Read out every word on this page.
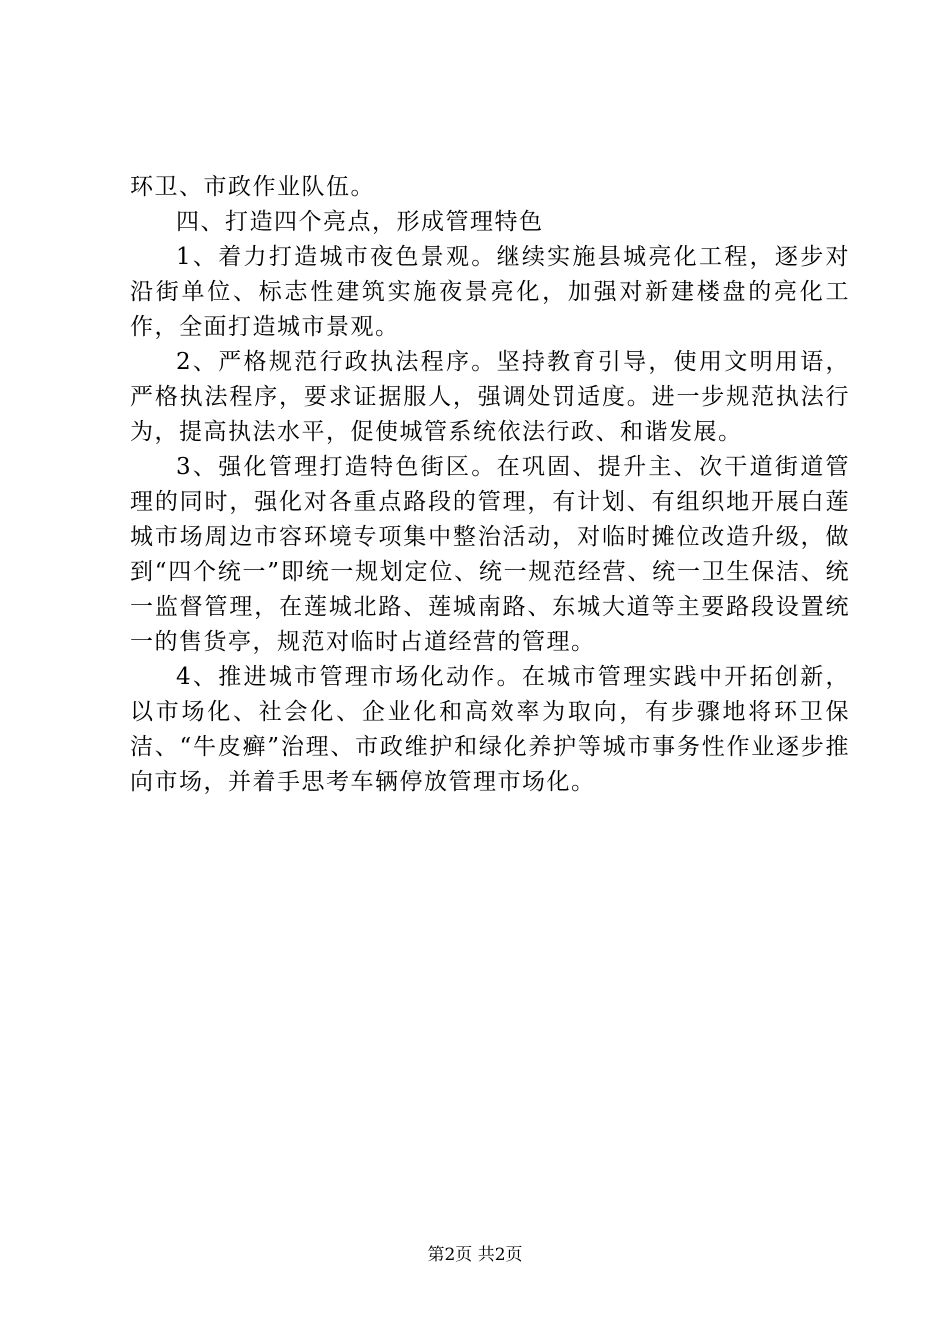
环卫、市政作业队伍。

四、打造四个亮点，形成管理特色

1、着力打造城市夜色景观。继续实施县城亮化工程，逐步对沿街单位、标志性建筑实施夜景亮化，加强对新建楼盘的亮化工作，全面打造城市景观。

2、严格规范行政执法程序。坚持教育引导，使用文明用语，严格执法程序，要求证据服人，强调处罚适度。进一步规范执法行为，提高执法水平，促使城管系统依法行政、和谐发展。

3、强化管理打造特色街区。在巩固、提升主、次干道街道管理的同时，强化对各重点路段的管理，有计划、有组织地开展白莲城市场周边市容环境专项集中整治活动，对临时摊位改造升级，做到“四个统一”即统一规划定位、统一规范经营、统一卫生保洁、统一监督管理，在莲城北路、莲城南路、东城大道等主要路段设置统一的售货亭，规范对临时占道经营的管理。

4、推进城市管理市场化动作。在城市管理实践中开拓创新，以市场化、社会化、企业化和高效率为取向，有步骤地将环卫保洁、“牛皮癣”治理、市政维护和绿化养护等城市事务性作业逐步推向市场，并着手思考车辆停放管理市场化。

第2页 共2页
